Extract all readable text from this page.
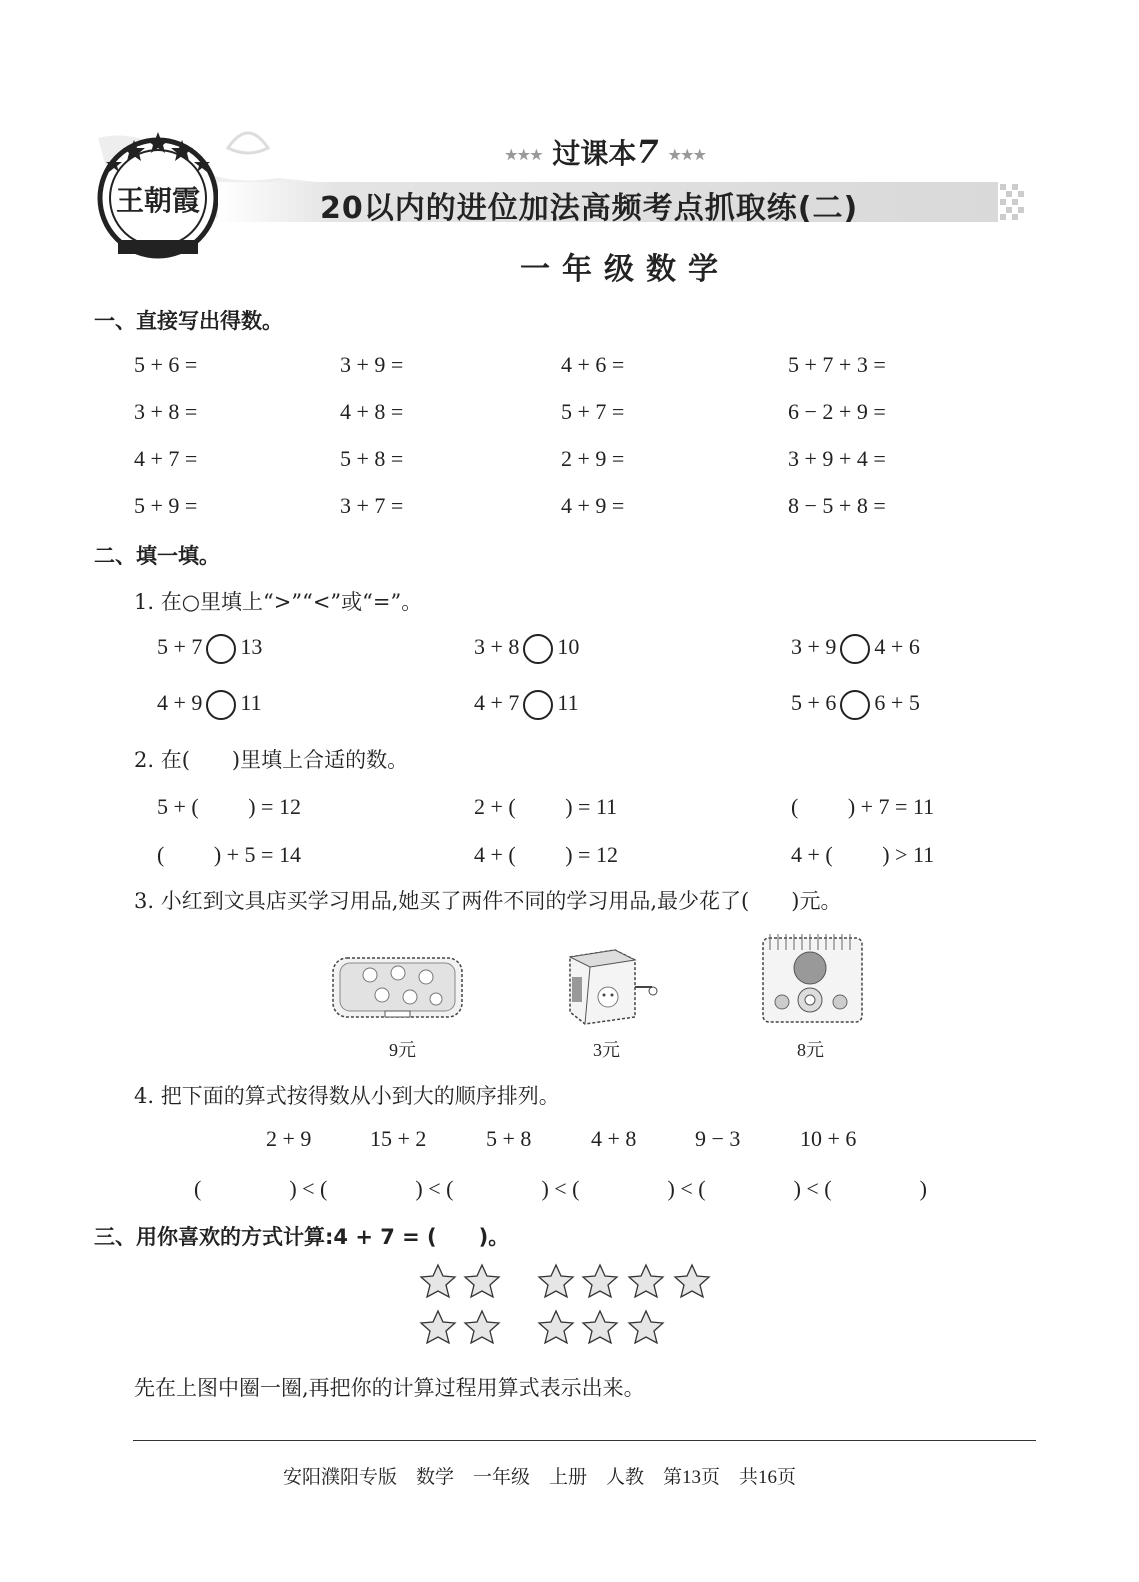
王朝霞
★★★ 过课本7 ★★★
20以内的进位加法高频考点抓取练(二)
一年级数学
一、直接写出得数。
5 + 6 =	3 + 9 =	4 + 6 =	5 + 7 + 3 =
3 + 8 =	4 + 8 =	5 + 7 =	6 − 2 + 9 =
4 + 7 =	5 + 8 =	2 + 9 =	3 + 9 + 4 =
5 + 9 =	3 + 7 =	4 + 9 =	8 − 5 + 8 =
二、填一填。
1. 在○里填上“>”“<”或“=”。
5 + 7 13	3 + 8 10	3 + 9 4 + 6
4 + 9 11	4 + 7 11	5 + 6 6 + 5
2. 在(　　)里填上合适的数。
5 + (　　 ) = 12	2 + (　　 ) = 11	(　　 ) + 7 = 11
(　　 ) + 5 = 14	4 + (　　 ) = 12	4 + (　　 ) > 11
3. 小红到文具店买学习用品,她买了两件不同的学习用品,最少花了(　　)元。
9元	3元	8元
4. 把下面的算式按得数从小到大的顺序排列。
2 + 9	15 + 2	5 + 8	4 + 8	9 − 3	10 + 6
(　　　　) < (　　　　) < (　　　　) < (　　　　) < (　　　　) < (　　　　)
三、用你喜欢的方式计算:4 + 7 = (　　)。
先在上图中圈一圈,再把你的计算过程用算式表示出来。
安阳濮阳专版　数学　一年级　上册　人教　第13页　共16页
